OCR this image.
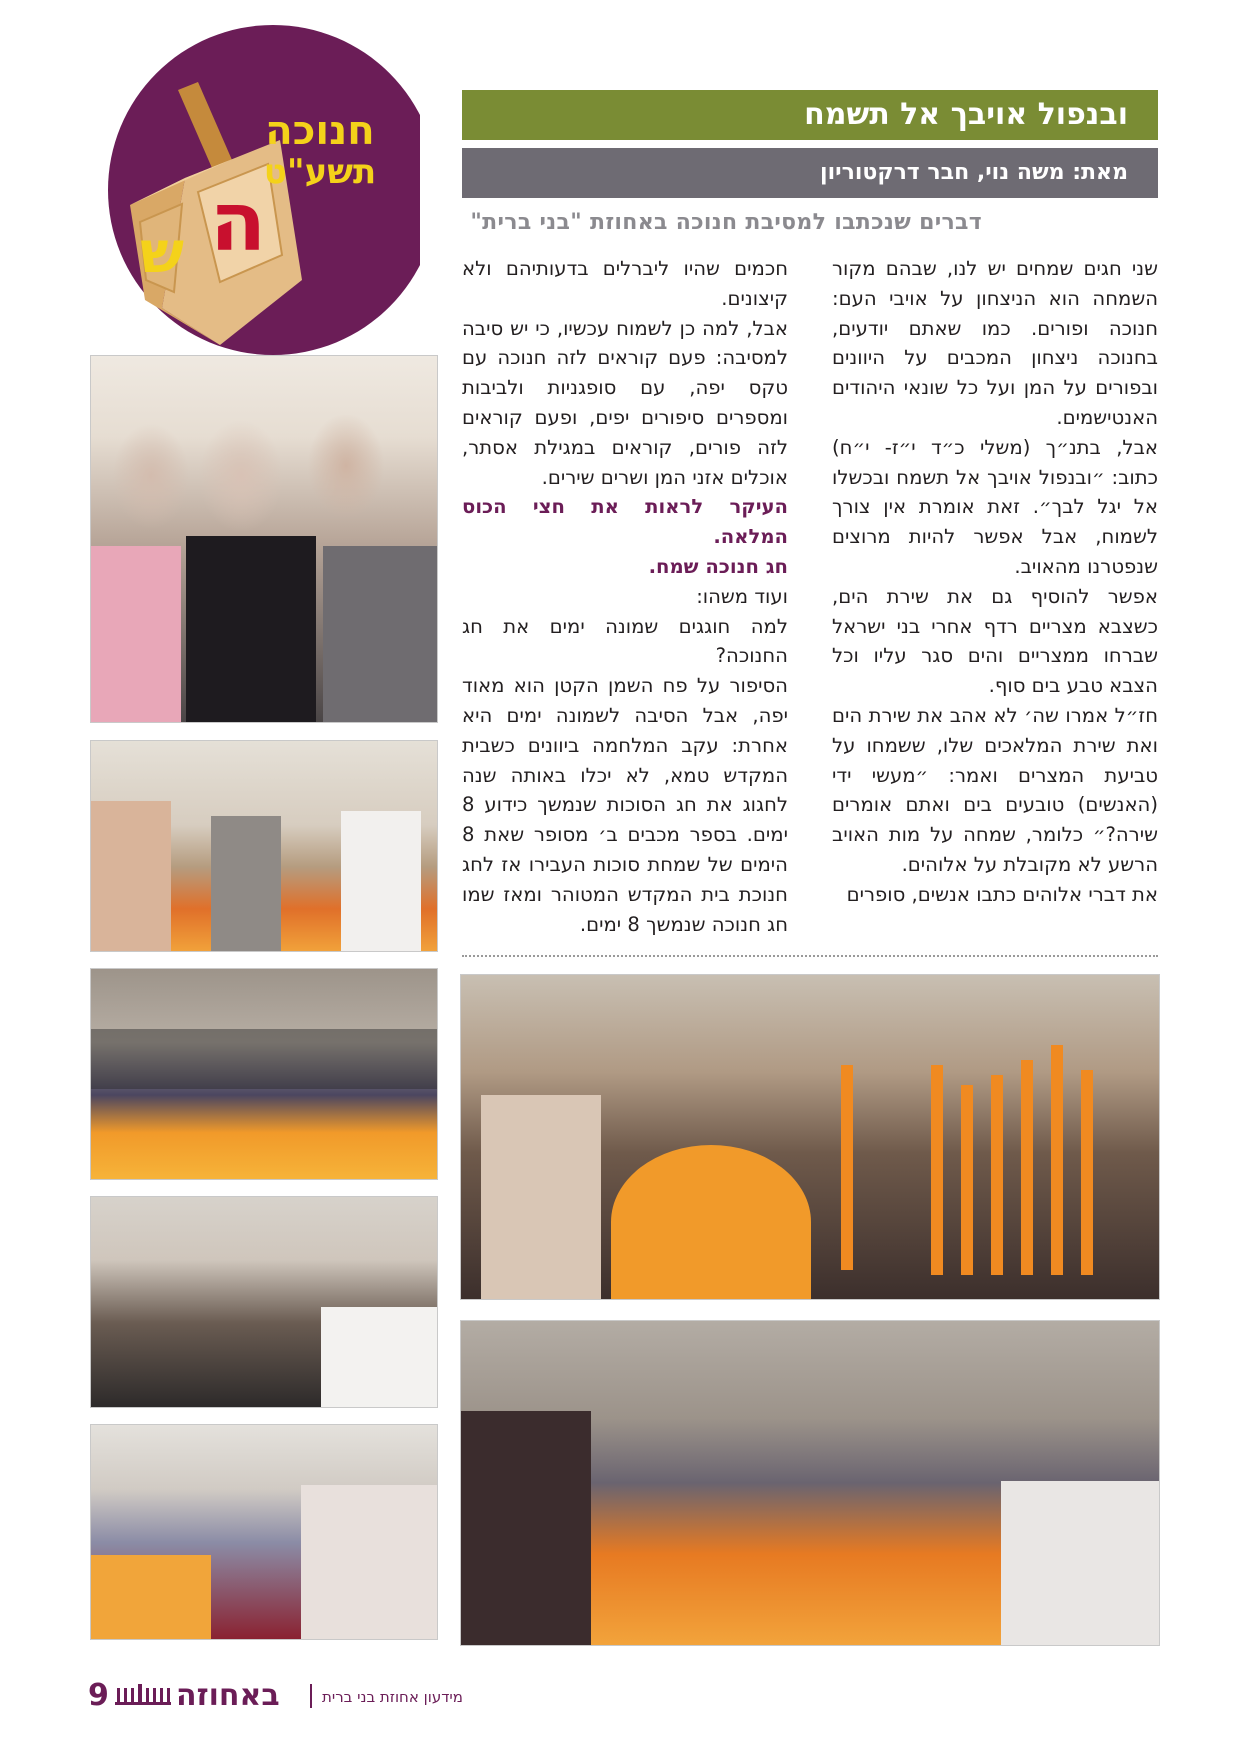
ה
ש
חנוכה
תשע"ט
ובנפול אויבך אל תשמח
מאת: משה נוי, חבר דרקטוריון
דברים שנכתבו למסיבת חנוכה באחוזת "בני ברית"

שני חגים שמחים יש לנו, שבהם מקור השמחה הוא הניצחון על אויבי העם: חנוכה ופורים. כמו שאתם יודעים, בחנוכה ניצחון המכבים על היוונים ובפורים על המן ועל כל שונאי היהודים האנטישמים.

אבל, בתנ״ך (משלי כ״ד י״ז- י״ח) כתוב: ״ובנפול אויבך אל תשמח ובכשלו אל יגל לבך״. זאת אומרת אין צורך לשמוח, אבל אפשר להיות מרוצים שנפטרנו מהאויב.

אפשר להוסיף גם את שירת הים, כשצבא מצריים רדף אחרי בני ישראל שברחו ממצריים והים סגר עליו וכל הצבא טבע בים סוף.

חז״ל אמרו שה׳ לא אהב את שירת הים ואת שירת המלאכים שלו, ששמחו על טביעת המצרים ואמר: ״מעשי ידי (האנשים) טובעים בים ואתם אומרים שירה?״ כלומר, שמחה על מות האויב הרשע לא מקובלת על אלוהים.

את דברי אלוהים כתבו אנשים, סופרים

חכמים שהיו ליברלים בדעותיהם ולא קיצונים.

אבל, למה כן לשמוח עכשיו, כי יש סיבה למסיבה: פעם קוראים לזה חנוכה עם טקס יפה, עם סופגניות ולביבות ומספרים סיפורים יפים, ופעם קוראים לזה פורים, קוראים במגילת אסתר, אוכלים אזני המן ושרים שירים.

העיקר לראות את חצי הכוס המלאה.

חג חנוכה שמח.

ועוד משהו:

למה חוגגים שמונה ימים את חג החנוכה?

הסיפור על פח השמן הקטן הוא מאוד יפה, אבל הסיבה לשמונה ימים היא אחרת: עקב המלחמה ביוונים כשבית המקדש טמא, לא יכלו באותה שנה לחגוג את חג הסוכות שנמשך כידוע 8 ימים. בספר מכבים ב׳ מסופר שאת 8 הימים של שמחת סוכות העבירו אז לחג חנוכת בית המקדש המטוהר ומאז שמו חג חנוכה שנמשך 8 ימים.

9 באחוזה	מידעון אחוזת בני ברית
